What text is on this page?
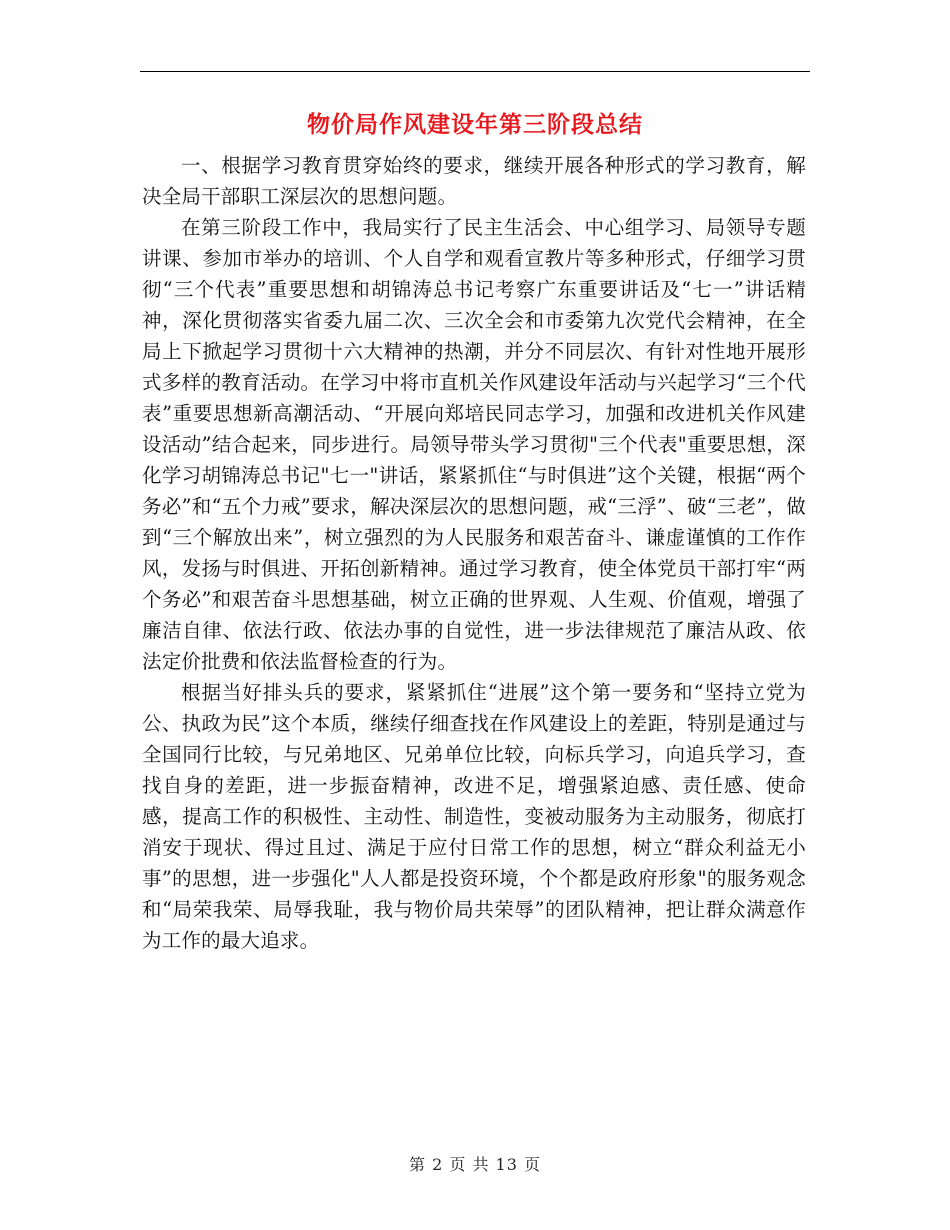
物价局作风建设年第三阶段总结

一、根据学习教育贯穿始终的要求，继续开展各种形式的学习教育，解决全局干部职工深层次的思想问题。

在第三阶段工作中，我局实行了民主生活会、中心组学习、局领导专题讲课、参加市举办的培训、个人自学和观看宣教片等多种形式，仔细学习贯彻“三个代表”重要思想和胡锦涛总书记考察广东重要讲话及“七一”讲话精神，深化贯彻落实省委九届二次、三次全会和市委第九次党代会精神，在全局上下掀起学习贯彻十六大精神的热潮，并分不同层次、有针对性地开展形式多样的教育活动。在学习中将市直机关作风建设年活动与兴起学习“三个代表”重要思想新高潮活动、“开展向郑培民同志学习，加强和改进机关作风建设活动”结合起来，同步进行。局领导带头学习贯彻"三个代表"重要思想，深化学习胡锦涛总书记"七一"讲话，紧紧抓住“与时俱进”这个关键，根据“两个务必”和“五个力戒”要求，解决深层次的思想问题，戒“三浮”、破“三老”，做到“三个解放出来”，树立强烈的为人民服务和艰苦奋斗、谦虚谨慎的工作作风，发扬与时俱进、开拓创新精神。通过学习教育，使全体党员干部打牢“两个务必”和艰苦奋斗思想基础，树立正确的世界观、人生观、价值观，增强了廉洁自律、依法行政、依法办事的自觉性，进一步法律规范了廉洁从政、依法定价批费和依法监督检查的行为。

根据当好排头兵的要求，紧紧抓住“进展”这个第一要务和“坚持立党为公、执政为民”这个本质，继续仔细查找在作风建设上的差距，特别是通过与全国同行比较，与兄弟地区、兄弟单位比较，向标兵学习，向追兵学习，查找自身的差距，进一步振奋精神，改进不足，增强紧迫感、责任感、使命感，提高工作的积极性、主动性、制造性，变被动服务为主动服务，彻底打消安于现状、得过且过、满足于应付日常工作的思想，树立“群众利益无小事”的思想，进一步强化"人人都是投资环境，个个都是政府形象"的服务观念和“局荣我荣、局辱我耻，我与物价局共荣辱”的团队精神，把让群众满意作为工作的最大追求。

第 2 页 共 13 页
